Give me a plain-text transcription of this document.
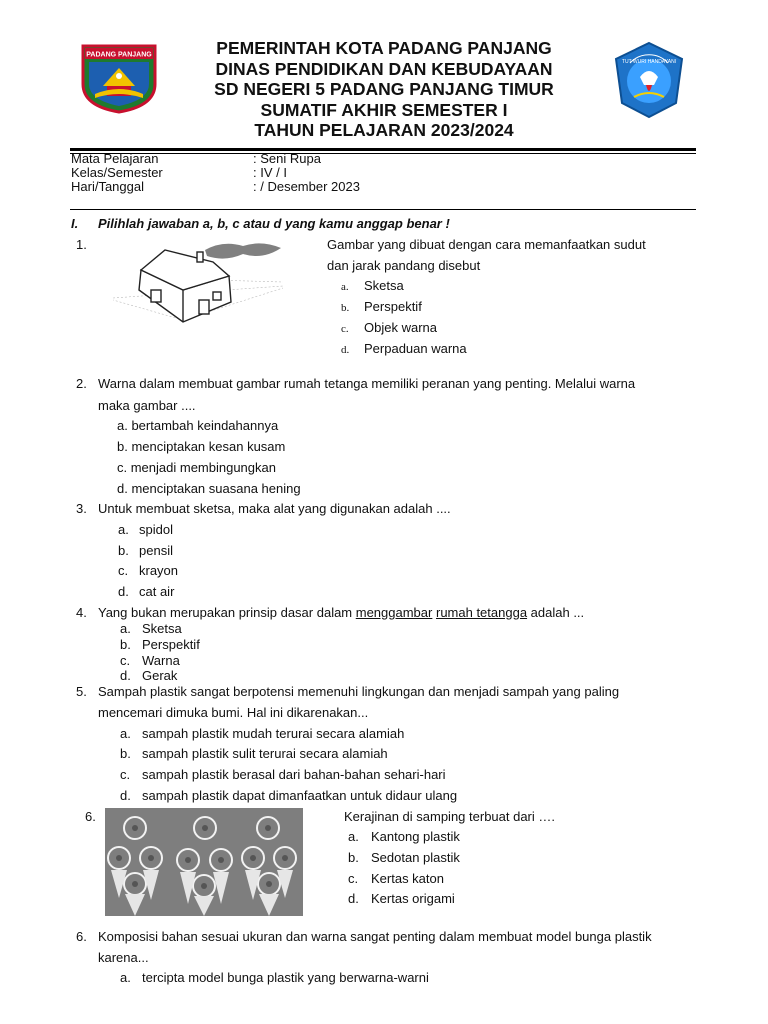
PADANG PANJANG	PEMERINTAH KOTA PADANG PANJANG
DINAS PENDIDIKAN DAN KEBUDAYAAN
SD NEGERI 5 PADANG PANJANG TIMUR
SUMATIF AKHIR SEMESTER I
TAHUN PELAJARAN 2023/2024
TUT WURI HANDAYANI
Mata Pelajaran	: Seni Rupa
Kelas/Semester	: IV / I
Hari/Tanggal	: / Desember 2023
I. Pilihlah jawaban a, b, c atau d yang kamu anggap benar !
1.	Gambar yang dibuat dengan cara memanfaatkan sudut
dan jarak pandang disebut
a. Sketsa
b. Perspektif
c. Objek warna
d. Perpaduan warna
2. Warna dalam membuat gambar rumah tetanga memiliki peranan yang penting. Melalui warna
maka gambar ....
a. bertambah keindahannya
b. menciptakan kesan kusam
c. menjadi membingungkan
d. menciptakan suasana hening
3. Untuk membuat sketsa, maka alat yang digunakan adalah ....
a. spidol
b. pensil
c. krayon
d. cat air
4. Yang bukan merupakan prinsip dasar dalam menggambar rumah tetangga adalah ...
a. Sketsa
b. Perspektif
c. Warna
d. Gerak
5. Sampah plastik sangat berpotensi memenuhi lingkungan dan menjadi sampah yang paling
mencemari dimuka bumi. Hal ini dikarenakan...
a. sampah plastik mudah terurai secara alamiah
b. sampah plastik sulit terurai secara alamiah
c. sampah plastik berasal dari bahan-bahan sehari-hari
d. sampah plastik dapat dimanfaatkan untuk didaur ulang
6.	Kerajinan di samping terbuat dari ….
a. Kantong plastik
b. Sedotan plastik
c. Kertas katon
d. Kertas origami
6. Komposisi bahan sesuai ukuran dan warna sangat penting dalam membuat model bunga plastik
karena...
a. tercipta model bunga plastik yang berwarna-warni
